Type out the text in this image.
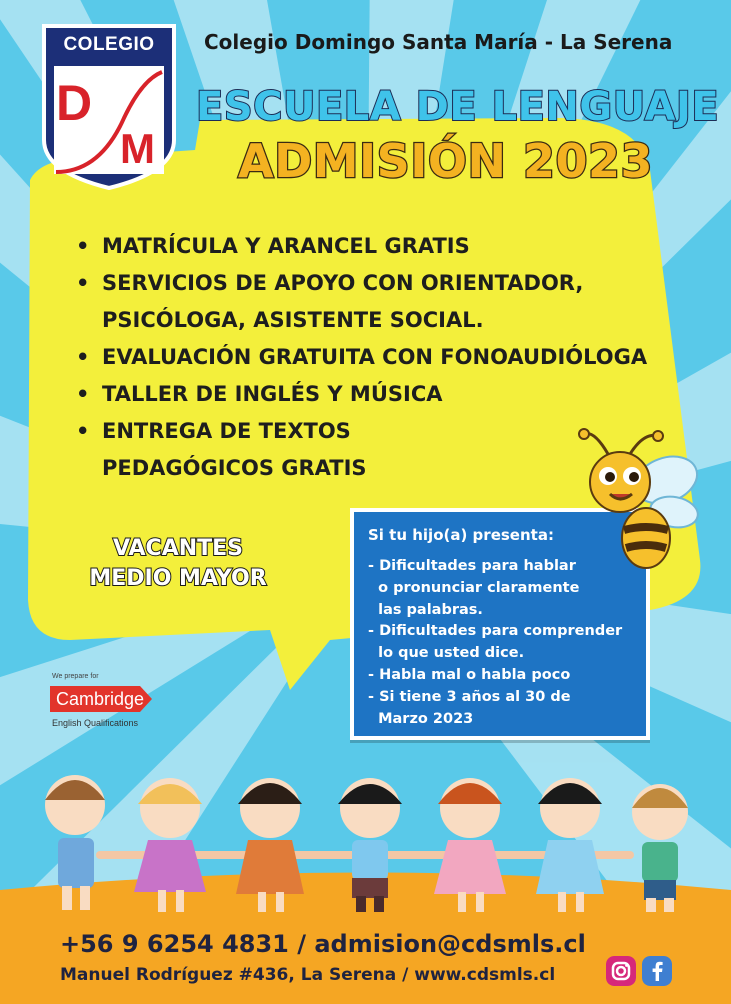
COLEGIO
D
M
Colegio Domingo Santa María - La Serena
ESCUELA DE LENGUAJE
ADMISIÓN 2023
• MATRÍCULA Y ARANCEL GRATIS
• SERVICIOS DE APOYO CON ORIENTADOR,
PSICÓLOGA, ASISTENTE SOCIAL.
• EVALUACIÓN GRATUITA CON FONOAUDIÓLOGA
• TALLER DE INGLÉS Y MÚSICA
• ENTREGA DE TEXTOS
PEDAGÓGICOS GRATIS
VACANTES
MEDIO MAYOR
We prepare for
Cambridge
English Qualifications
Si tu hijo(a) presenta:
- Dificultades para hablar
o pronunciar claramente
las palabras.
- Dificultades para comprender
lo que usted dice.
- Habla mal o habla poco
- Si tiene 3 años al 30 de
Marzo 2023
+56 9 6254 4831 / admision@cdsmls.cl
Manuel Rodríguez #436, La Serena / www.cdsmls.cl
